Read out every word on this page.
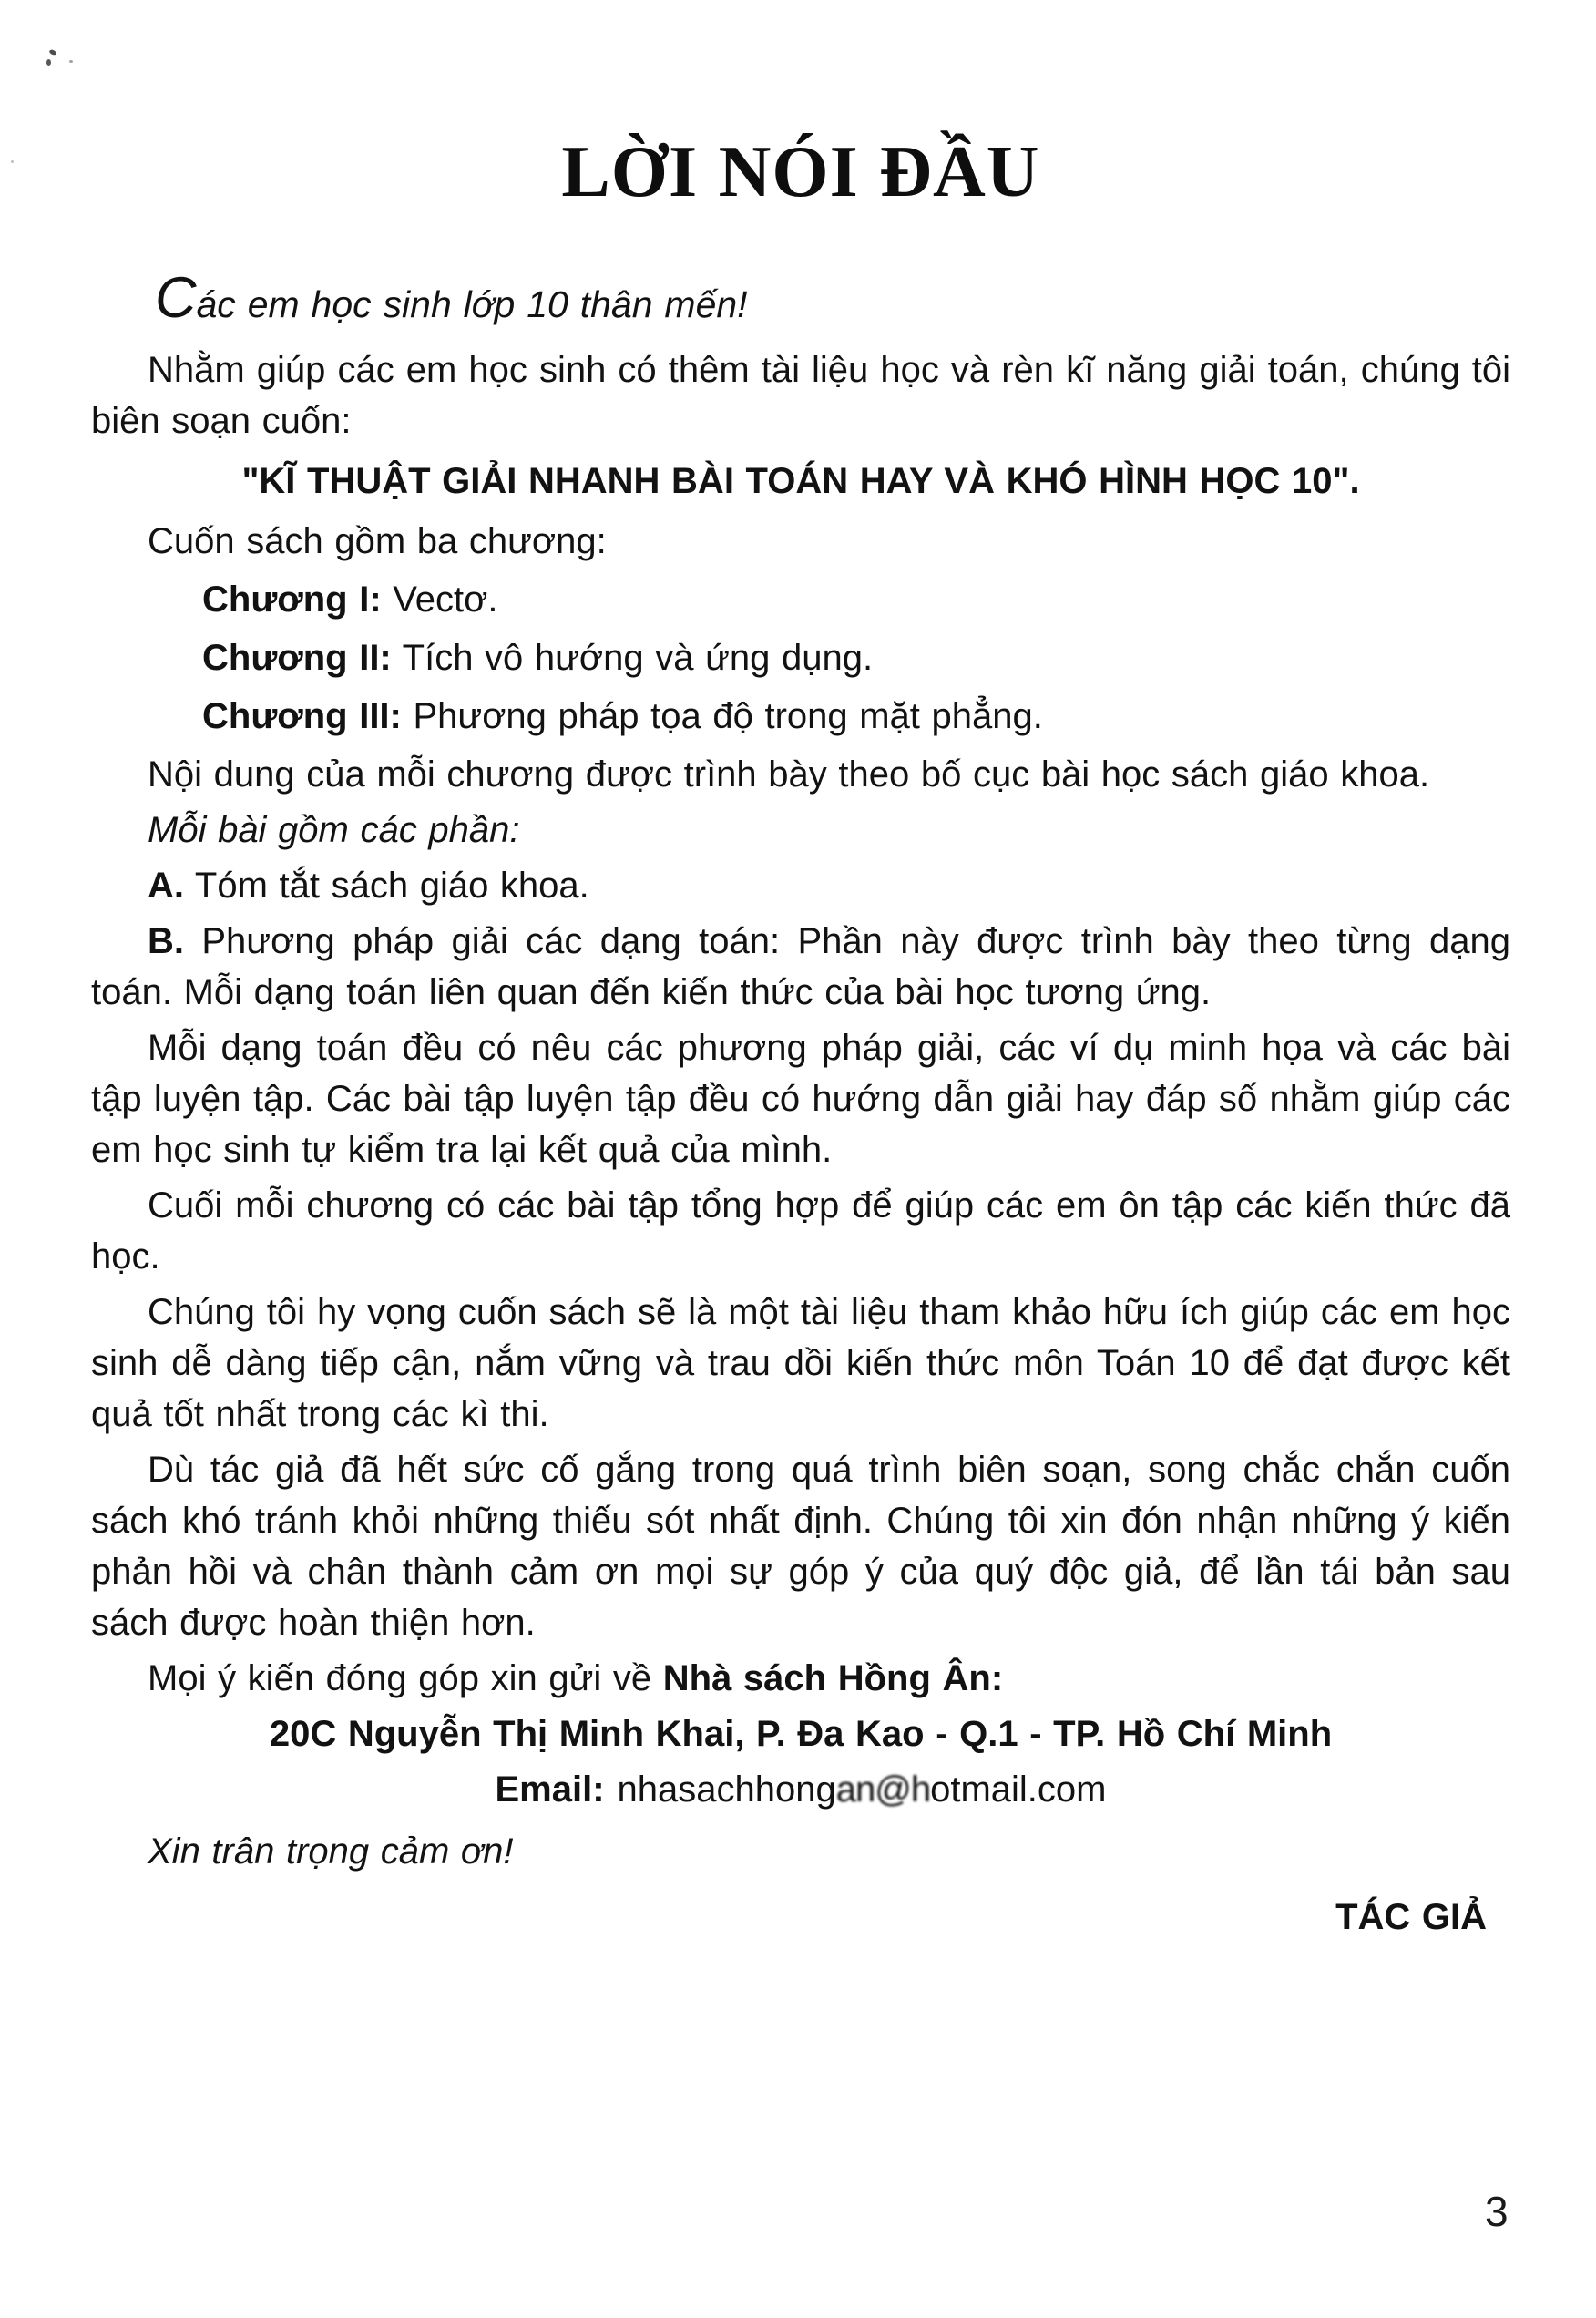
LỜI NÓI ĐẦU

Các em học sinh lớp 10 thân mến!

Nhằm giúp các em học sinh có thêm tài liệu học và rèn kĩ năng giải toán, chúng tôi biên soạn cuốn:

"KĨ THUẬT GIẢI NHANH BÀI TOÁN HAY VÀ KHÓ HÌNH HỌC 10".

Cuốn sách gồm ba chương:

Chương I: Vectơ.

Chương II: Tích vô hướng và ứng dụng.

Chương III: Phương pháp tọa độ trong mặt phẳng.

Nội dung của mỗi chương được trình bày theo bố cục bài học sách giáo khoa.

Mỗi bài gồm các phần:

A. Tóm tắt sách giáo khoa.

B. Phương pháp giải các dạng toán: Phần này được trình bày theo từng dạng toán. Mỗi dạng toán liên quan đến kiến thức của bài học tương ứng.

Mỗi dạng toán đều có nêu các phương pháp giải, các ví dụ minh họa và các bài tập luyện tập. Các bài tập luyện tập đều có hướng dẫn giải hay đáp số nhằm giúp các em học sinh tự kiểm tra lại kết quả của mình.

Cuối mỗi chương có các bài tập tổng hợp để giúp các em ôn tập các kiến thức đã học.

Chúng tôi hy vọng cuốn sách sẽ là một tài liệu tham khảo hữu ích giúp các em học sinh dễ dàng tiếp cận, nắm vững và trau dồi kiến thức môn Toán 10 để đạt được kết quả tốt nhất trong các kì thi.

Dù tác giả đã hết sức cố gắng trong quá trình biên soạn, song chắc chắn cuốn sách khó tránh khỏi những thiếu sót nhất định. Chúng tôi xin đón nhận những ý kiến phản hồi và chân thành cảm ơn mọi sự góp ý của quý độc giả, để lần tái bản sau sách được hoàn thiện hơn.

Mọi ý kiến đóng góp xin gửi về Nhà sách Hồng Ân:

20C Nguyễn Thị Minh Khai, P. Đa Kao - Q.1 - TP. Hồ Chí Minh

Email: nhasachhongan@hotmail.com

Xin trân trọng cảm ơn!

TÁC GIẢ

3
